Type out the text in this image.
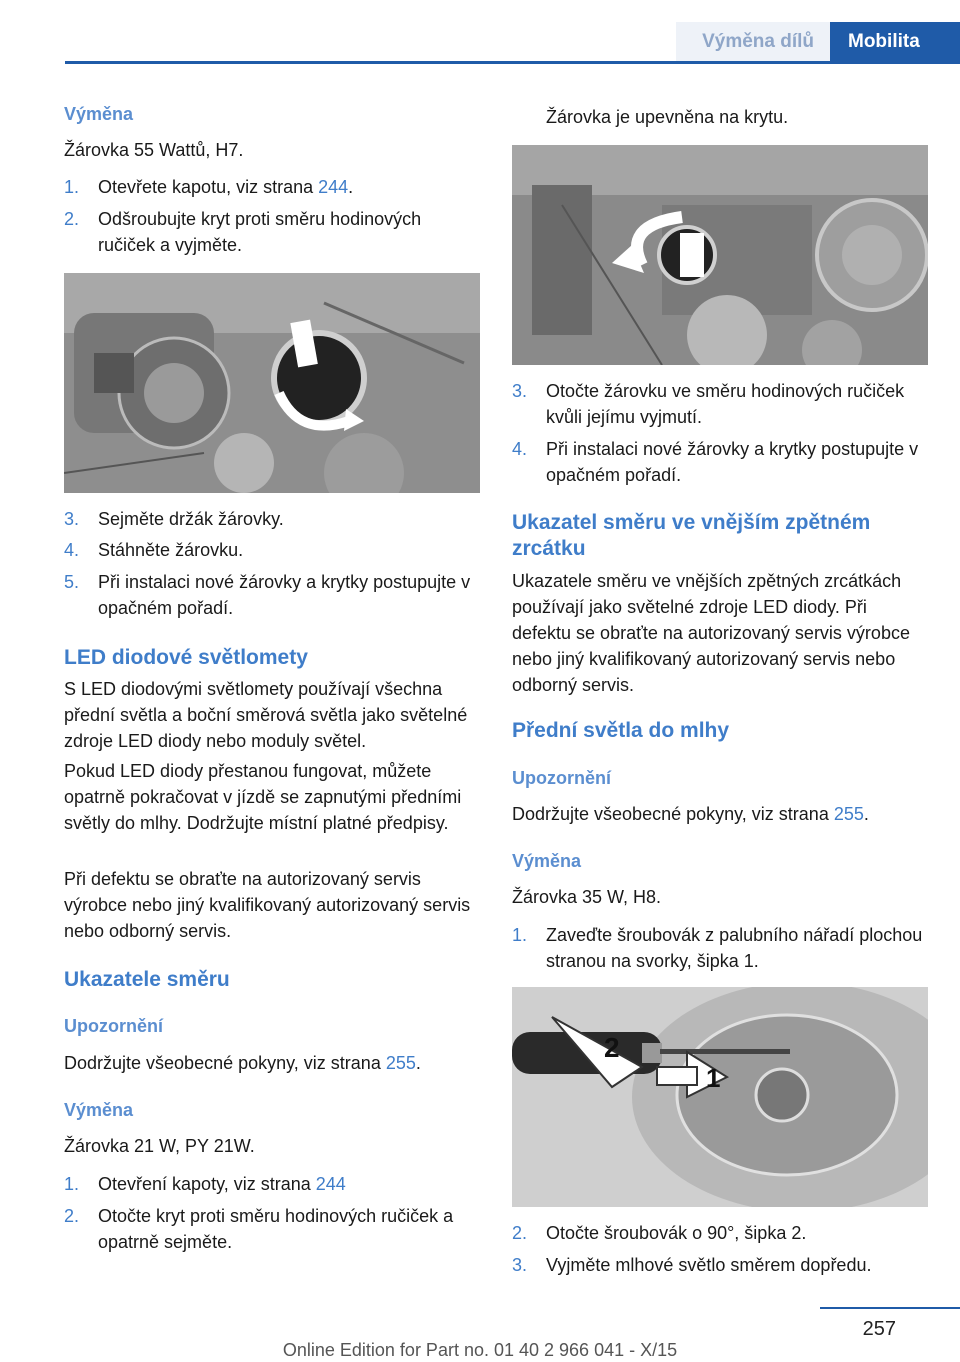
Výměna dílů	Mobilita
Výměna
Žárovka 55 Wattů, H7.
1.	Otevřete kapotu, viz strana 244.
2.	Odšroubujte kryt proti směru hodinových ručiček a vyjměte.
3.	Sejměte držák žárovky.
4.	Stáhněte žárovku.
5.	Při instalaci nové žárovky a krytky postupujte v opačném pořadí.
LED diodové světlomety
S LED diodovými světlomety používají všechna přední světla a boční směrová světla jako světelné zdroje LED diody nebo moduly světel.
Pokud LED diody přestanou fungovat, můžete opatrně pokračovat v jízdě se zapnutými předními světly do mlhy. Dodržujte místní platné předpisy.
Při defektu se obraťte na autorizovaný servis výrobce nebo jiný kvalifikovaný autorizovaný servis nebo odborný servis.
Ukazatele směru
Upozornění
Dodržujte všeobecné pokyny, viz strana 255.
Výměna
Žárovka 21 W, PY 21W.
1.	Otevření kapoty, viz strana 244
2.	Otočte kryt proti směru hodinových ručiček a opatrně sejměte.
Žárovka je upevněna na krytu.
3.	Otočte žárovku ve směru hodinových ručiček kvůli jejímu vyjmutí.
4.	Při instalaci nové žárovky a krytky postupujte v opačném pořadí.
Ukazatel směru ve vnějším zpětném zrcátku
Ukazatele směru ve vnějších zpětných zrcátkách používají jako světelné zdroje LED diody. Při defektu se obraťte na autorizovaný servis výrobce nebo jiný kvalifikovaný autorizovaný servis nebo odborný servis.
Přední světla do mlhy
Upozornění
Dodržujte všeobecné pokyny, viz strana 255.
Výměna
Žárovka 35 W, H8.
1.	Zaveďte šroubovák z palubního nářadí plochou stranou na svorky, šipka 1.
2
1
2.	Otočte šroubovák o 90°, šipka 2.
3.	Vyjměte mlhové světlo směrem dopředu.
257
Online Edition for Part no. 01 40 2 966 041 - X/15
